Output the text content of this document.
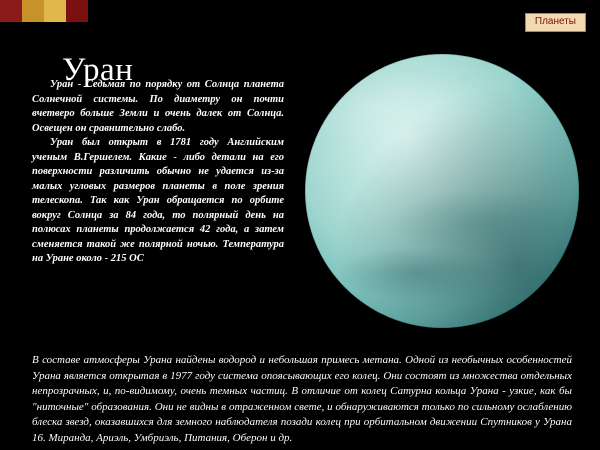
Планеты
Уран

Уран - Седьмая по порядку от Солнца планета Солнечной системы. По диаметру он почти вчетверо больше Земли и очень далек от Солнца. Освещен он сравнительно слабо.

Уран был открыт в 1781 году Английским ученым В.Гершелем. Какие - либо детали на его поверхности различить обычно не удается из-за малых угловых размеров планеты в поле зрения телескопа. Так как Уран обращается по орбите вокруг Солнца за 84 года, то полярный день на полюсах планеты продолжается 42 года, а затем сменяется такой же полярной ночью. Температура на Уране около - 215 ОС

В составе атмосферы Урана найдены водород и небольшая примесь метана. Одной из необычных особенностей Урана является открытая в 1977 году система опоясывающих его колец. Они состоят из множества отдельных непрозрачных, и, по-видимому, очень темных частиц. В отличие от колец Сатурна кольца Урана - узкие, как бы "ниточные" образования. Они не видны в отраженном свете, и обнаруживаются только по сильному ослаблению блеска звезд, оказавшихся для земного наблюдателя позади колец при орбитальном движении Спутников у Урана 16. Миранда, Ариэль, Умбриэль, Питания, Оберон и др.
